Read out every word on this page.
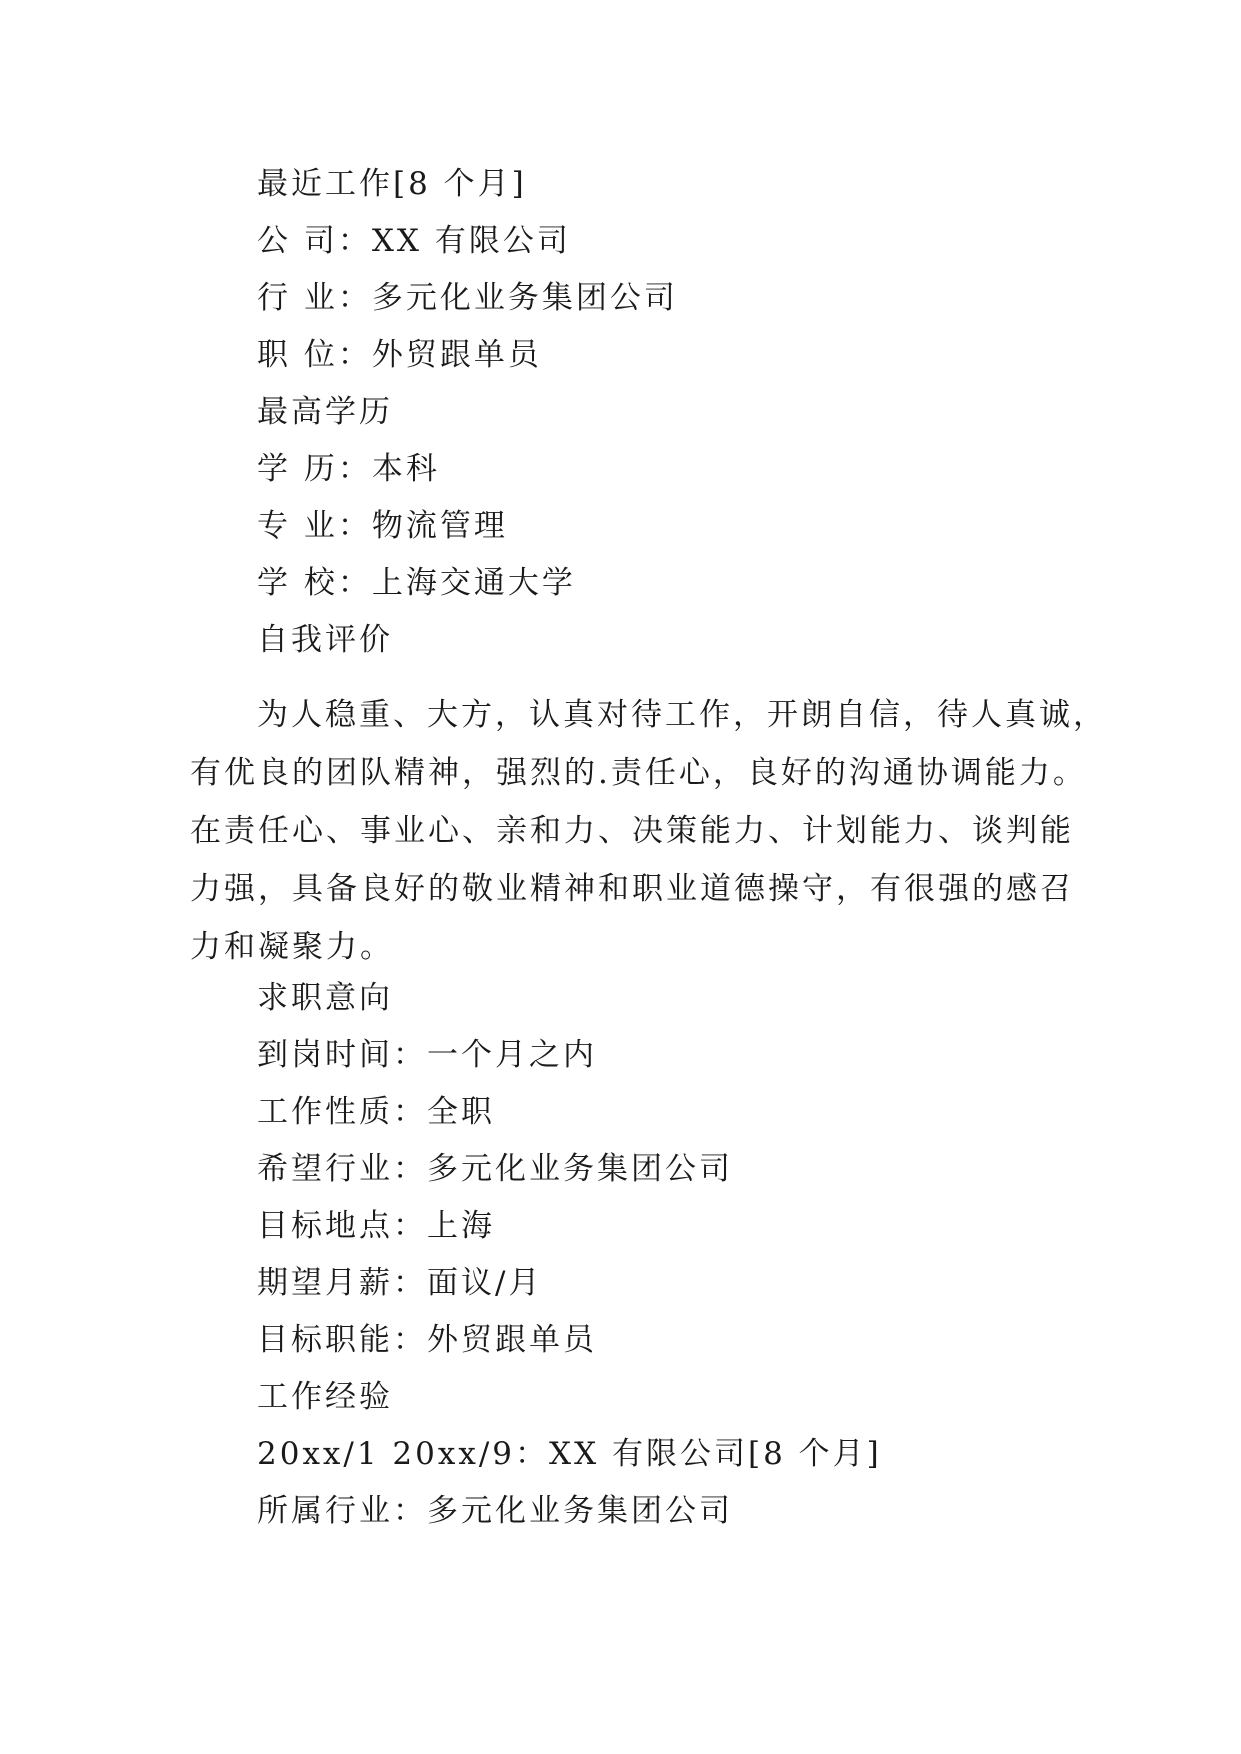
最近工作[8 个月]
公 司：XX 有限公司
行 业：多元化业务集团公司
职 位：外贸跟单员
最高学历
学 历：本科
专 业：物流管理
学 校：上海交通大学
自我评价
为人稳重、大方，认真对待工作，开朗自信，待人真诚，
有优良的团队精神，强烈的.责任心，良好的沟通协调能力。
在责任心、事业心、亲和力、决策能力、计划能力、谈判能
力强，具备良好的敬业精神和职业道德操守，有很强的感召
力和凝聚力。
求职意向
到岗时间：一个月之内
工作性质：全职
希望行业：多元化业务集团公司
目标地点：上海
期望月薪：面议/月
目标职能：外贸跟单员
工作经验
20xx/1 20xx/9：XX 有限公司[8 个月]
所属行业：多元化业务集团公司
